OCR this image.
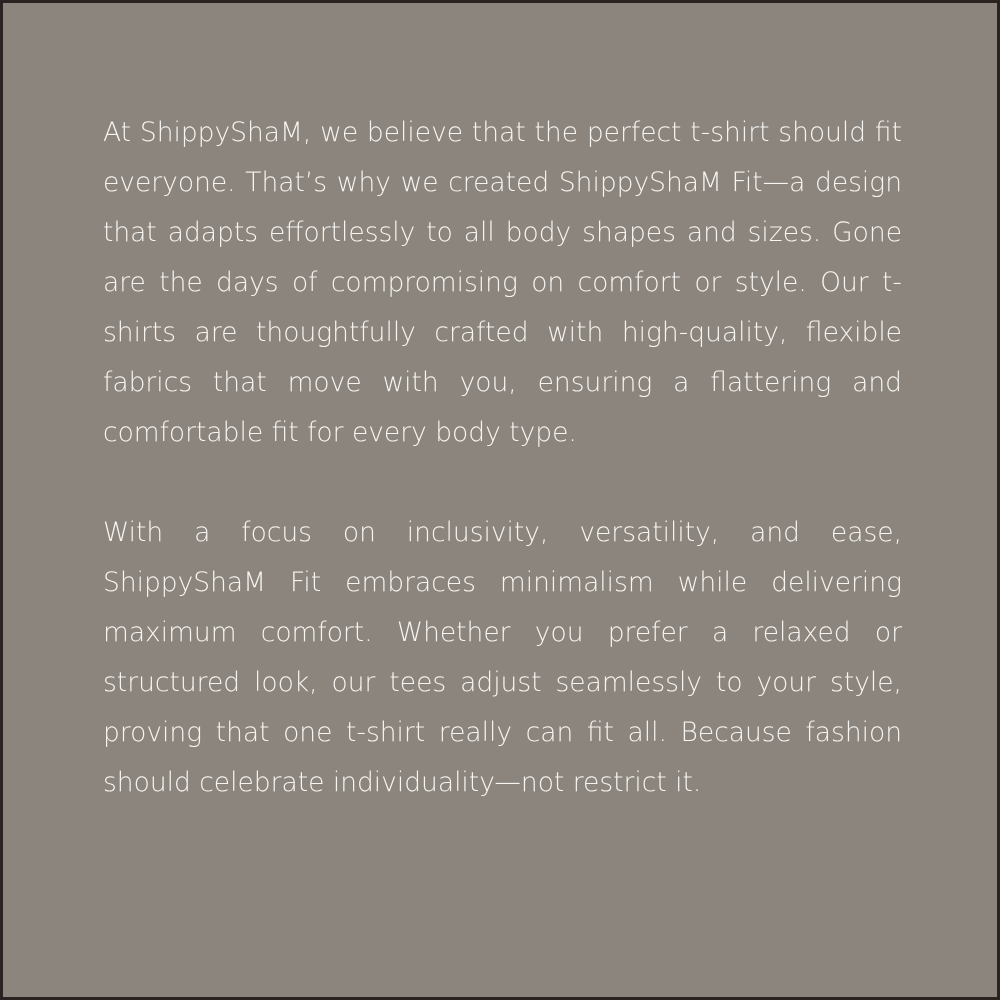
At ShippyShaM, we believe that the perfect t-shirt should fit everyone. That’s why we created ShippyShaM Fit—a design that adapts effortlessly to all body shapes and sizes. Gone are the days of compromising on comfort or style. Our t-shirts are thoughtfully crafted with high-quality, flexible fabrics that move with you, ensuring a flattering and comfortable fit for every body type.

With a focus on inclusivity, versatility, and ease, ShippyShaM Fit embraces minimalism while delivering maximum comfort. Whether you prefer a relaxed or structured look, our tees adjust seamlessly to your style, proving that one t-shirt really can fit all. Because fashion should celebrate individuality—not restrict it.
